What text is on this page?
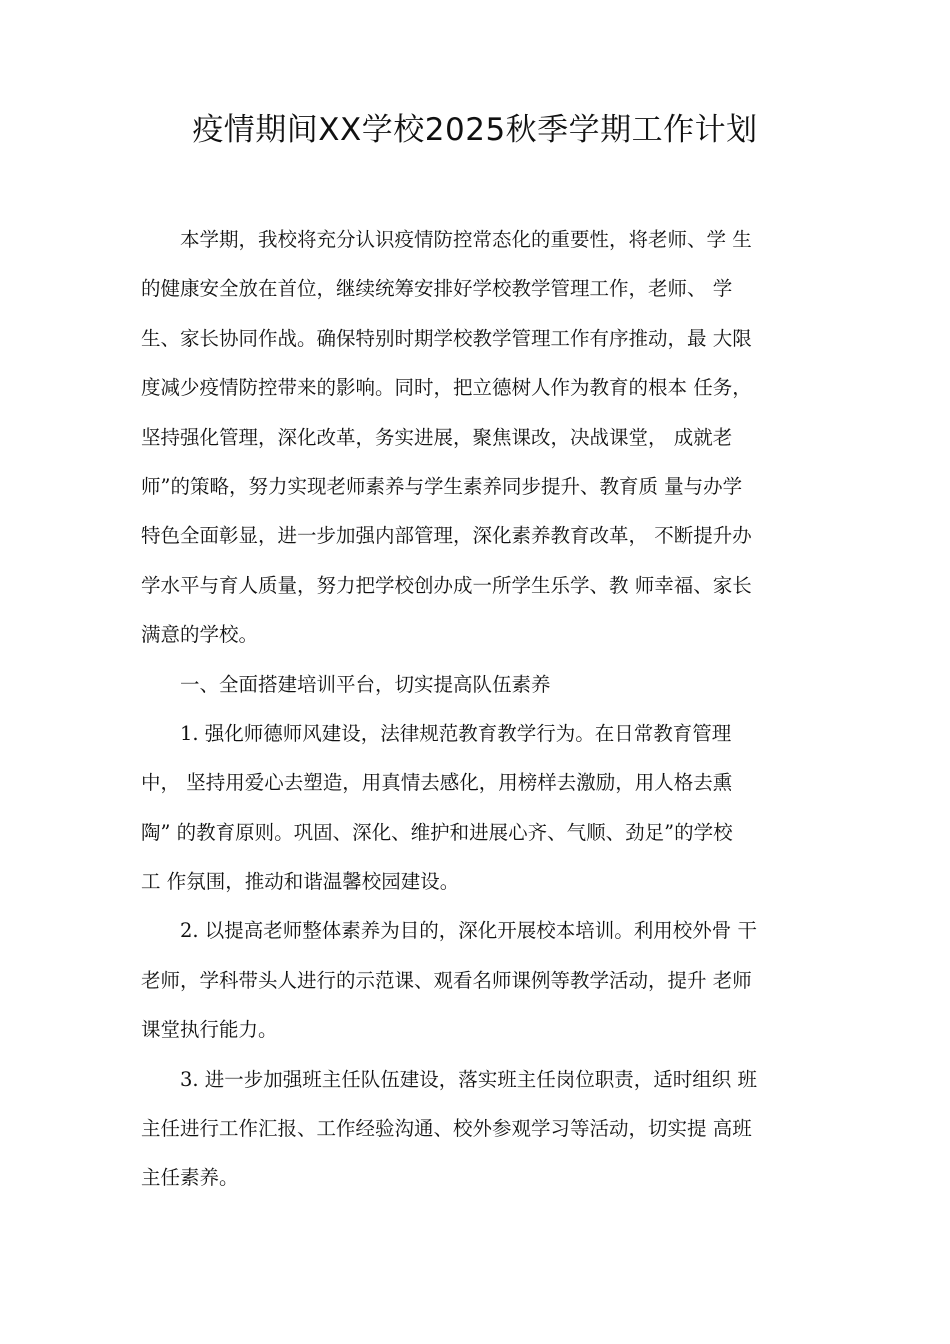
疫情期间XX学校2025秋季学期工作计划
　　本学期，我校将充分认识疫情防控常态化的重要性，将老师、学 生
的健康安全放在首位，继续统筹安排好学校教学管理工作，老师、 学
生、家长协同作战。确保特别时期学校教学管理工作有序推动，最 大限
度减少疫情防控带来的影响。同时，把立德树人作为教育的根本 任务，
坚持强化管理，深化改革，务实进展，聚焦课改，决战课堂， 成就老
师”的策略，努力实现老师素养与学生素养同步提升、教育质 量与办学
特色全面彰显，进一步加强内部管理，深化素养教育改革， 不断提升办
学水平与育人质量，努力把学校创办成一所学生乐学、教 师幸福、家长
满意的学校。
　　一、全面搭建培训平台，切实提高队伍素养
　　1. 强化师德师风建设，法律规范教育教学行为。在日常教育管理
中， 坚持用爱心去塑造，用真情去感化，用榜样去激励，用人格去熏
陶” 的教育原则。巩固、深化、维护和进展心齐、气顺、劲足”的学校
工 作氛围，推动和谐温馨校园建设。
　　2. 以提高老师整体素养为目的，深化开展校本培训。利用校外骨 干
老师，学科带头人进行的示范课、观看名师课例等教学活动，提升 老师
课堂执行能力。
　　3. 进一步加强班主任队伍建设，落实班主任岗位职责，适时组织 班
主任进行工作汇报、工作经验沟通、校外参观学习等活动，切实提 高班
主任素养。
